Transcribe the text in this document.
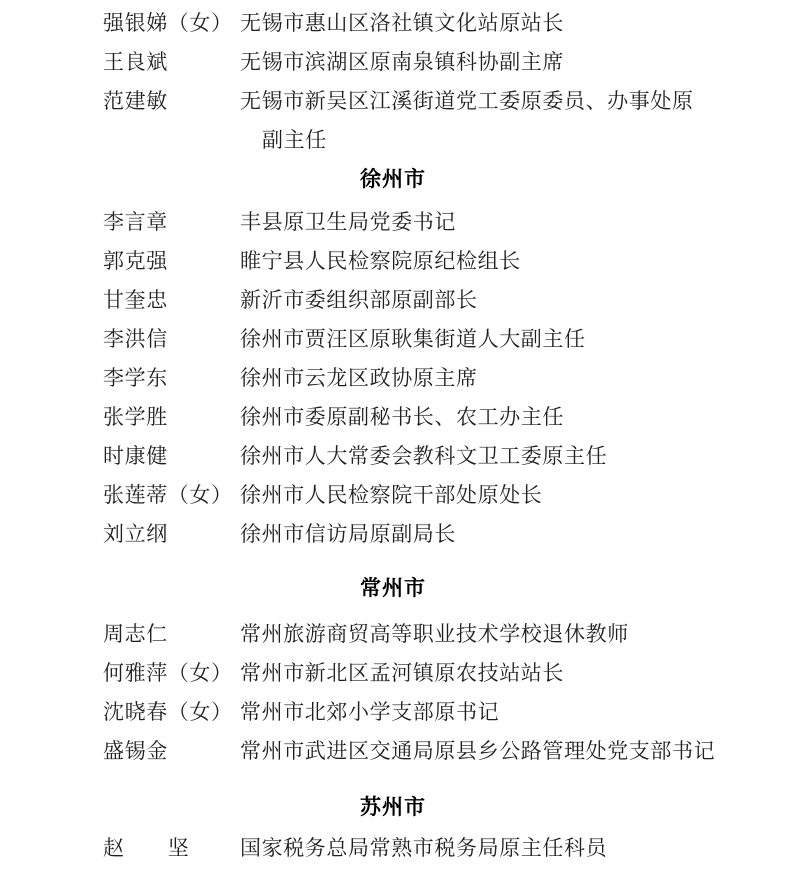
强银娣（女） 无锡市惠山区洛社镇文化站原站长
王良斌	无锡市滨湖区原南泉镇科协副主席
范建敏	无锡市新吴区江溪街道党工委原委员、办事处原
副主任
徐州市
李言章	丰县原卫生局党委书记
郭克强	睢宁县人民检察院原纪检组长
甘奎忠	新沂市委组织部原副部长
李洪信	徐州市贾汪区原耿集街道人大副主任
李学东	徐州市云龙区政协原主席
张学胜	徐州市委原副秘书长、农工办主任
时康健	徐州市人大常委会教科文卫工委原主任
张莲蒂（女） 徐州市人民检察院干部处原处长
刘立纲	徐州市信访局原副局长
常州市
周志仁	常州旅游商贸高等职业技术学校退休教师
何雅萍（女） 常州市新北区孟河镇原农技站站长
沈晓春（女） 常州市北郊小学支部原书记
盛锡金	常州市武进区交通局原县乡公路管理处党支部书记
苏州市
赵　　坚	国家税务总局常熟市税务局原主任科员
